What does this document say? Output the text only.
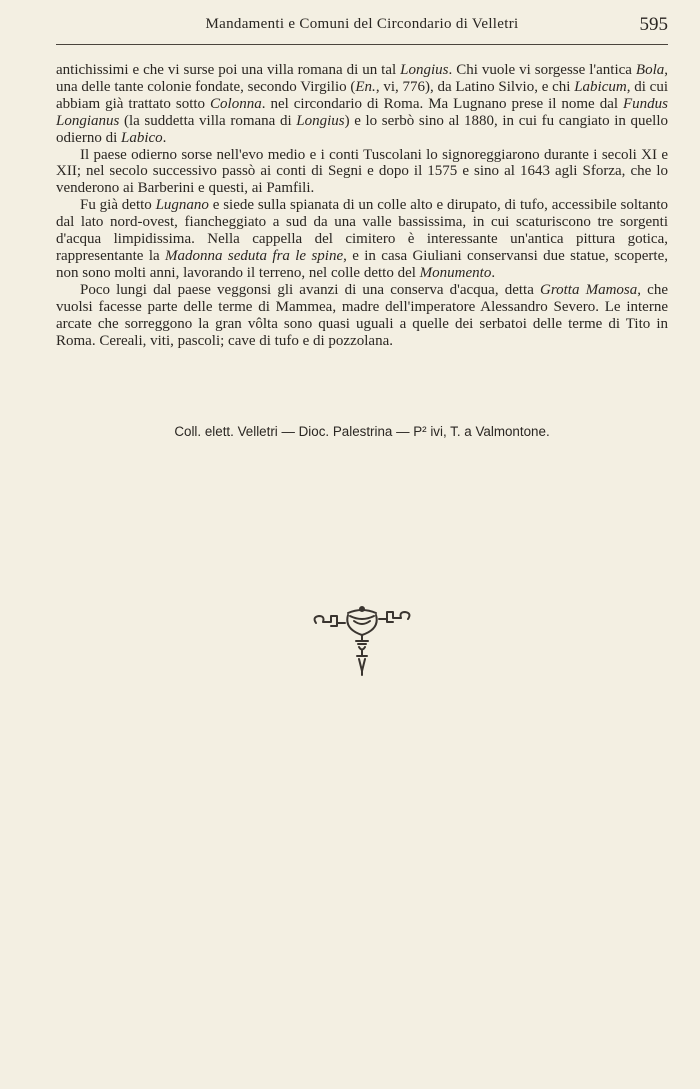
Mandamenti e Comuni del Circondario di Velletri	595

antichissimi e che vi surse poi una villa romana di un tal Longius. Chi vuole vi sorgesse l'antica Bola, una delle tante colonie fondate, secondo Virgilio (En., vi, 776), da Latino Silvio, e chi Labicum, di cui abbiam già trattato sotto Colonna. nel circondario di Roma. Ma Lugnano prese il nome dal Fundus Longianus (la suddetta villa romana di Longius) e lo serbò sino al 1880, in cui fu cangiato in quello odierno di Labico.

Il paese odierno sorse nell'evo medio e i conti Tuscolani lo signoreggiarono durante i secoli XI e XII; nel secolo successivo passò ai conti di Segni e dopo il 1575 e sino al 1643 agli Sforza, che lo venderono ai Barberini e questi, ai Pamfili.

Fu già detto Lugnano e siede sulla spianata di un colle alto e dirupato, di tufo, accessibile soltanto dal lato nord-ovest, fiancheggiato a sud da una valle bassissima, in cui scaturiscono tre sorgenti d'acqua limpidissima. Nella cappella del cimitero è interessante un'antica pittura gotica, rappresentante la Madonna seduta fra le spine, e in casa Giuliani conservansi due statue, scoperte, non sono molti anni, lavorando il terreno, nel colle detto del Monumento.

Poco lungi dal paese veggonsi gli avanzi di una conserva d'acqua, detta Grotta Mamosa, che vuolsi facesse parte delle terme di Mammea, madre dell'imperatore Alessandro Severo. Le interne arcate che sorreggono la gran vôlta sono quasi uguali a quelle dei serbatoi delle terme di Tito in Roma. Cereali, viti, pascoli; cave di tufo e di pozzolana.

Coll. elett. Velletri — Dioc. Palestrina — P² ivi, T. a Valmontone.
